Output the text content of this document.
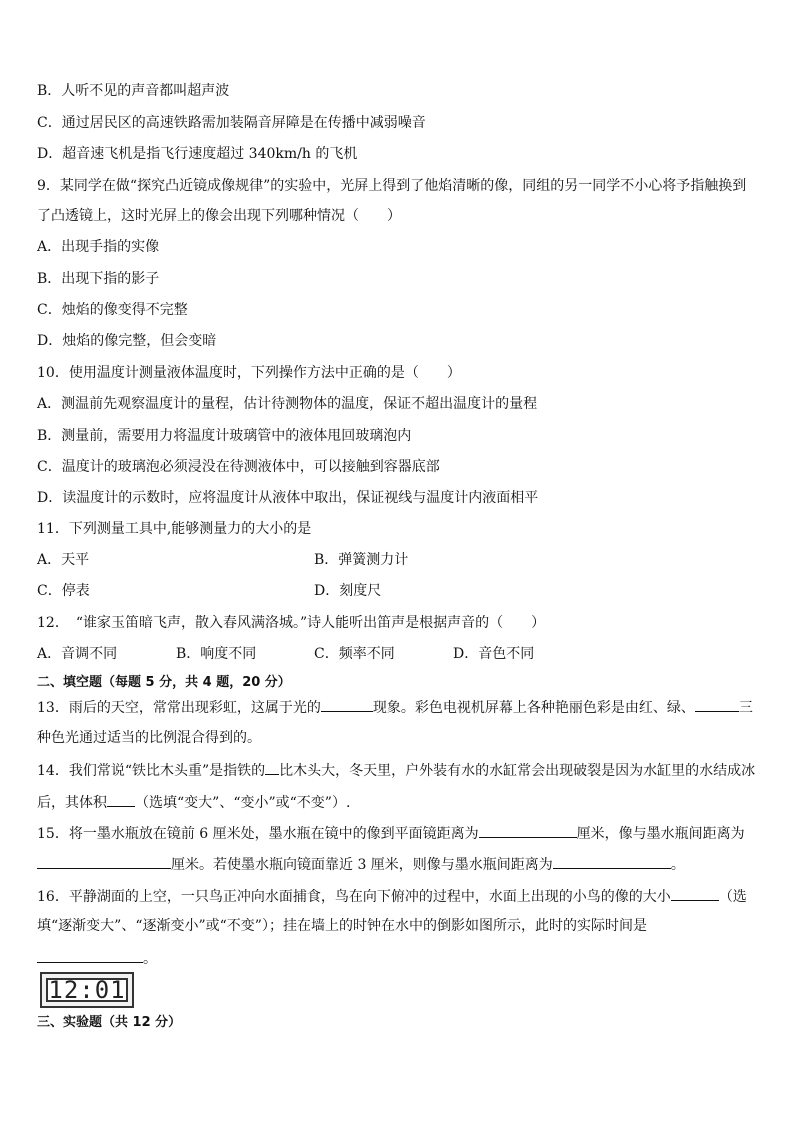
B．人听不见的声音都叫超声波
C．通过居民区的高速铁路需加装隔音屏障是在传播中减弱噪音
D．超音速飞机是指飞行速度超过 340km/h 的飞机
9．某同学在做“探究凸近镜成像规律”的实验中，光屏上得到了他焰清晰的像，同组的另一同学不小心将予指触换到
了凸透镜上，这时光屏上的像会出现下列哪种情况（　　）
A．出现手指的实像
B．出现下指的影子
C．烛焰的像变得不完整
D．烛焰的像完整，但会变暗
10．使用温度计测量液体温度时，下列操作方法中正确的是（　　）
A．测温前先观察温度计的量程，估计待测物体的温度，保证不超出温度计的量程
B．测量前，需要用力将温度计玻璃管中的液体甩回玻璃泡内
C．温度计的玻璃泡必须浸没在待测液体中，可以接触到容器底部
D．读温度计的示数时，应将温度计从液体中取出，保证视线与温度计内液面相平
11．下列测量工具中,能够测量力的大小的是
A．天平	B．弹簧测力计
C．停表	D．刻度尺
12．　“谁家玉笛暗飞声，散入春风满洛城。”诗人能听出笛声是根据声音的（　　）
A．音调不同	B．响度不同	C．频率不同	D．音色不同
二、填空题（每题 5 分，共 4 题，20 分）
13．雨后的天空，常常出现彩虹，这属于光的	现象。彩色电视机屏幕上各种艳丽色彩是由红、绿、	三
种色光通过适当的比例混合得到的。
14．我们常说“铁比木头重”是指铁的 比木头大，冬天里，户外装有水的水缸常会出现破裂是因为水缸里的水结成冰
后，其体积 （选填“变大”、“变小”或“不变”）.
15．将一墨水瓶放在镜前 6 厘米处，墨水瓶在镜中的像到平面镜距离为	厘米，像与墨水瓶间距离为
厘米。若使墨水瓶向镜面靠近 3 厘米，则像与墨水瓶间距离为	。
16．平静湖面的上空，一只鸟正冲向水面捕食，鸟在向下俯冲的过程中，水面上出现的小鸟的像的大小	（选
填“逐渐变大”、“逐渐变小”或“不变”）；挂在墙上的时钟在水中的倒影如图所示，此时的实际时间是
。
12:01
三、实验题（共 12 分）
